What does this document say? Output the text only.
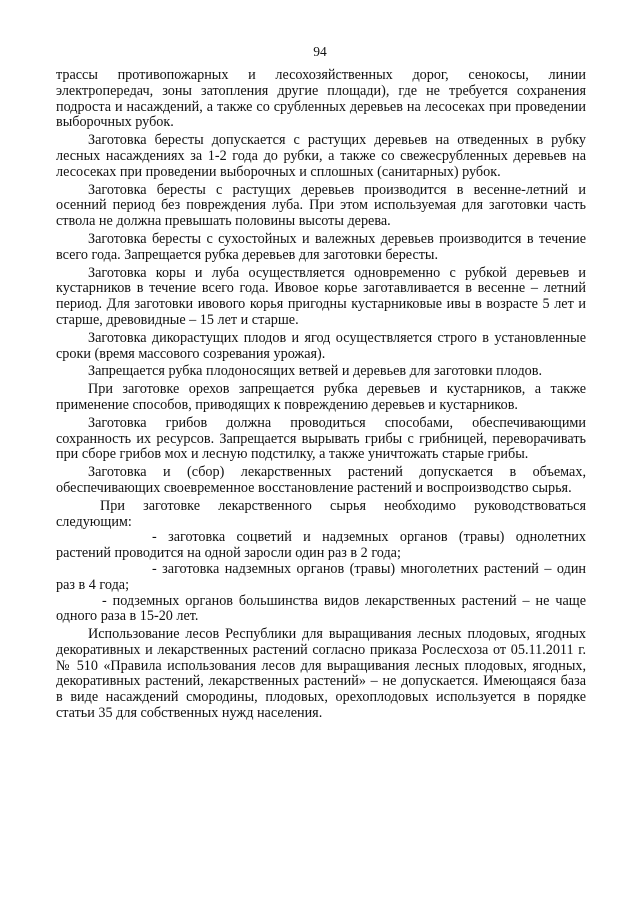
94

трассы противопожарных и лесохозяйственных дорог, сенокосы, линии электропередач, зоны затопления другие площади), где не требуется сохранения подроста и насаждений, а также со срубленных деревьев на лесосеках при проведении выборочных рубок.

Заготовка бересты допускается с растущих деревьев на отведенных в рубку лесных насаждениях за 1-2 года до рубки, а также со свежесрубленных деревьев на лесосеках при проведении выборочных и сплошных (санитарных) рубок.

Заготовка бересты с растущих деревьев производится в весенне-летний и осенний период без повреждения луба. При этом используемая для заготовки часть ствола не должна превышать половины высоты дерева.

Заготовка бересты с сухостойных и валежных деревьев производится в течение всего года. Запрещается рубка деревьев для заготовки бересты.

Заготовка коры и луба осуществляется одновременно с рубкой деревьев и кустарников в течение всего года. Ивовое корье заготавливается в весенне – летний период. Для заготовки ивового корья пригодны кустарниковые ивы в возрасте 5 лет и старше, древовидные – 15 лет и старше.

Заготовка дикорастущих плодов и ягод осуществляется строго в установленные сроки (время массового созревания урожая).

Запрещается рубка плодоносящих ветвей и деревьев для заготовки плодов.

При заготовке орехов запрещается рубка деревьев и кустарников, а также применение способов, приводящих к повреждению деревьев и кустарников.

Заготовка грибов должна проводиться способами, обеспечивающими сохранность их ресурсов. Запрещается вырывать грибы с грибницей, переворачивать при сборе грибов мох и лесную подстилку, а также уничтожать старые грибы.

Заготовка и (сбор) лекарственных растений допускается в объемах, обеспечивающих своевременное восстановление растений и воспроизводство сырья.

При заготовке лекарственного сырья необходимо руководствоваться следующим:

- заготовка соцветий и надземных органов (травы) однолетних растений проводится на одной заросли один раз в 2 года;

- заготовка надземных органов (травы) многолетних растений – один раз в 4 года;

- подземных органов большинства видов лекарственных растений – не чаще одного раза в 15-20 лет.

Использование лесов Республики для выращивания лесных плодовых, ягодных декоративных и лекарственных растений согласно приказа Рослесхоза от 05.11.2011 г. № 510 «Правила использования лесов для выращивания лесных плодовых, ягодных, декоративных растений, лекарственных растений» – не допускается. Имеющаяся база в виде насаждений смородины, плодовых, орехоплодовых используется в порядке статьи 35 для собственных нужд населения.
